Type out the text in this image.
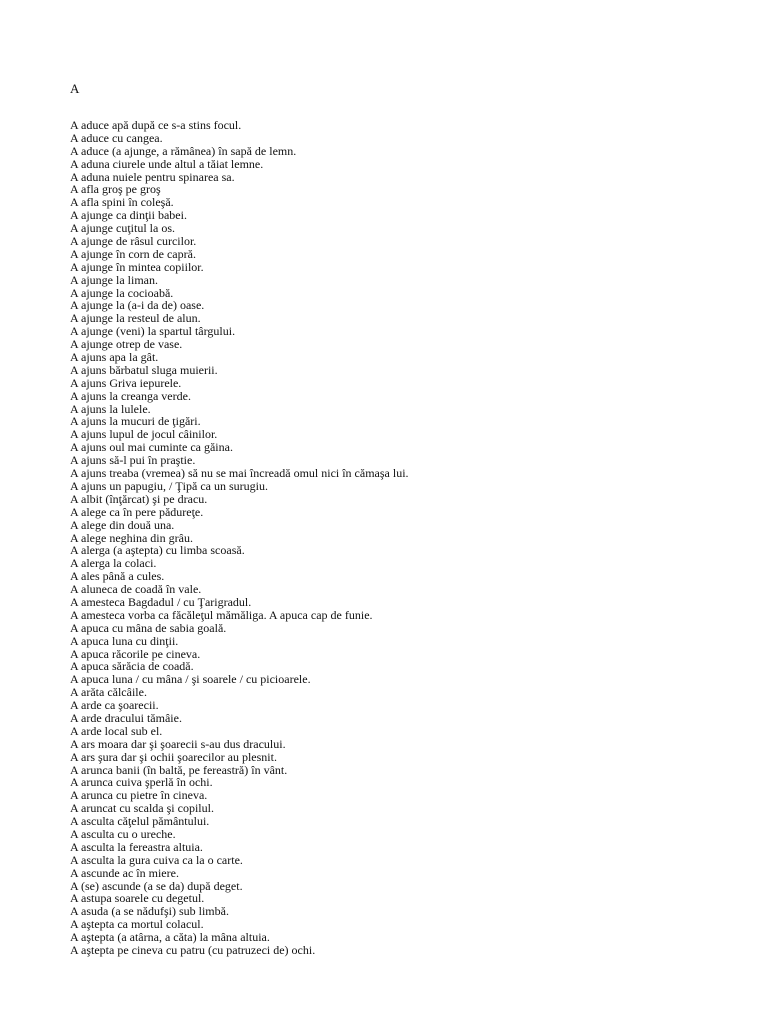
A
A aduce apă după ce s-a stins focul.
A aduce cu cangea.
A aduce (a ajunge, a rămânea) în sapă de lemn.
A aduna ciurele unde altul a tăiat lemne.
A aduna nuiele pentru spinarea sa.
A afla groş pe groş
A afla spini în coleşă.
A ajunge ca dinţii babei.
A ajunge cuţitul la os.
A ajunge de râsul curcilor.
A ajunge în corn de capră.
A ajunge în mintea copiilor.
A ajunge la liman.
A ajunge la cocioabă.
A ajunge la (a-i da de) oase.
A ajunge la resteul de alun.
A ajunge (veni) la spartul târgului.
A ajunge otrep de vase.
A ajuns apa la gât.
A ajuns bărbatul sluga muierii.
A ajuns Griva iepurele.
A ajuns la creanga verde.
A ajuns la lulele.
A ajuns la mucuri de ţigări.
A ajuns lupul de jocul câinilor.
A ajuns oul mai cuminte ca găina.
A ajuns să-l pui în praştie.
A ajuns treaba (vremea) să nu se mai încreadă omul nici în cămaşa lui.
A ajuns un papugiu, / Ţipă ca un surugiu.
A albit (înţărcat) şi pe dracu.
A alege ca în pere pădureţe.
A alege din două una.
A alege neghina din grâu.
A alerga (a aştepta) cu limba scoasă.
A alerga la colaci.
A ales până a cules.
A aluneca de coadă în vale.
A amesteca Bagdadul / cu Ţarigradul.
A amesteca vorba ca făcăleţul mămăliga. A apuca cap de funie.
A apuca cu mâna de sabia goală.
A apuca luna cu dinţii.
A apuca răcorile pe cineva.
A apuca sărăcia de coadă.
A apuca luna / cu mâna / şi soarele / cu picioarele.
A arăta călcâile.
A arde ca şoarecii.
A arde dracului tămâie.
A arde local sub el.
A ars moara dar şi şoarecii s-au dus dracului.
A ars şura dar şi ochii şoarecilor au plesnit.
A arunca banii (în baltă, pe fereastră) în vânt.
A arunca cuiva şperlă în ochi.
A arunca cu pietre în cineva.
A aruncat cu scalda şi copilul.
A asculta căţelul pământului.
A asculta cu o ureche.
A asculta la fereastra altuia.
A asculta la gura cuiva ca la o carte.
A ascunde ac în miere.
A (se) ascunde (a se da) după deget.
A astupa soarele cu degetul.
A asuda (a se nădufşi) sub limbă.
A aştepta ca mortul colacul.
A aştepta (a atârna, a căta) la mâna altuia.
A aştepta pe cineva cu patru (cu patruzeci de) ochi.
